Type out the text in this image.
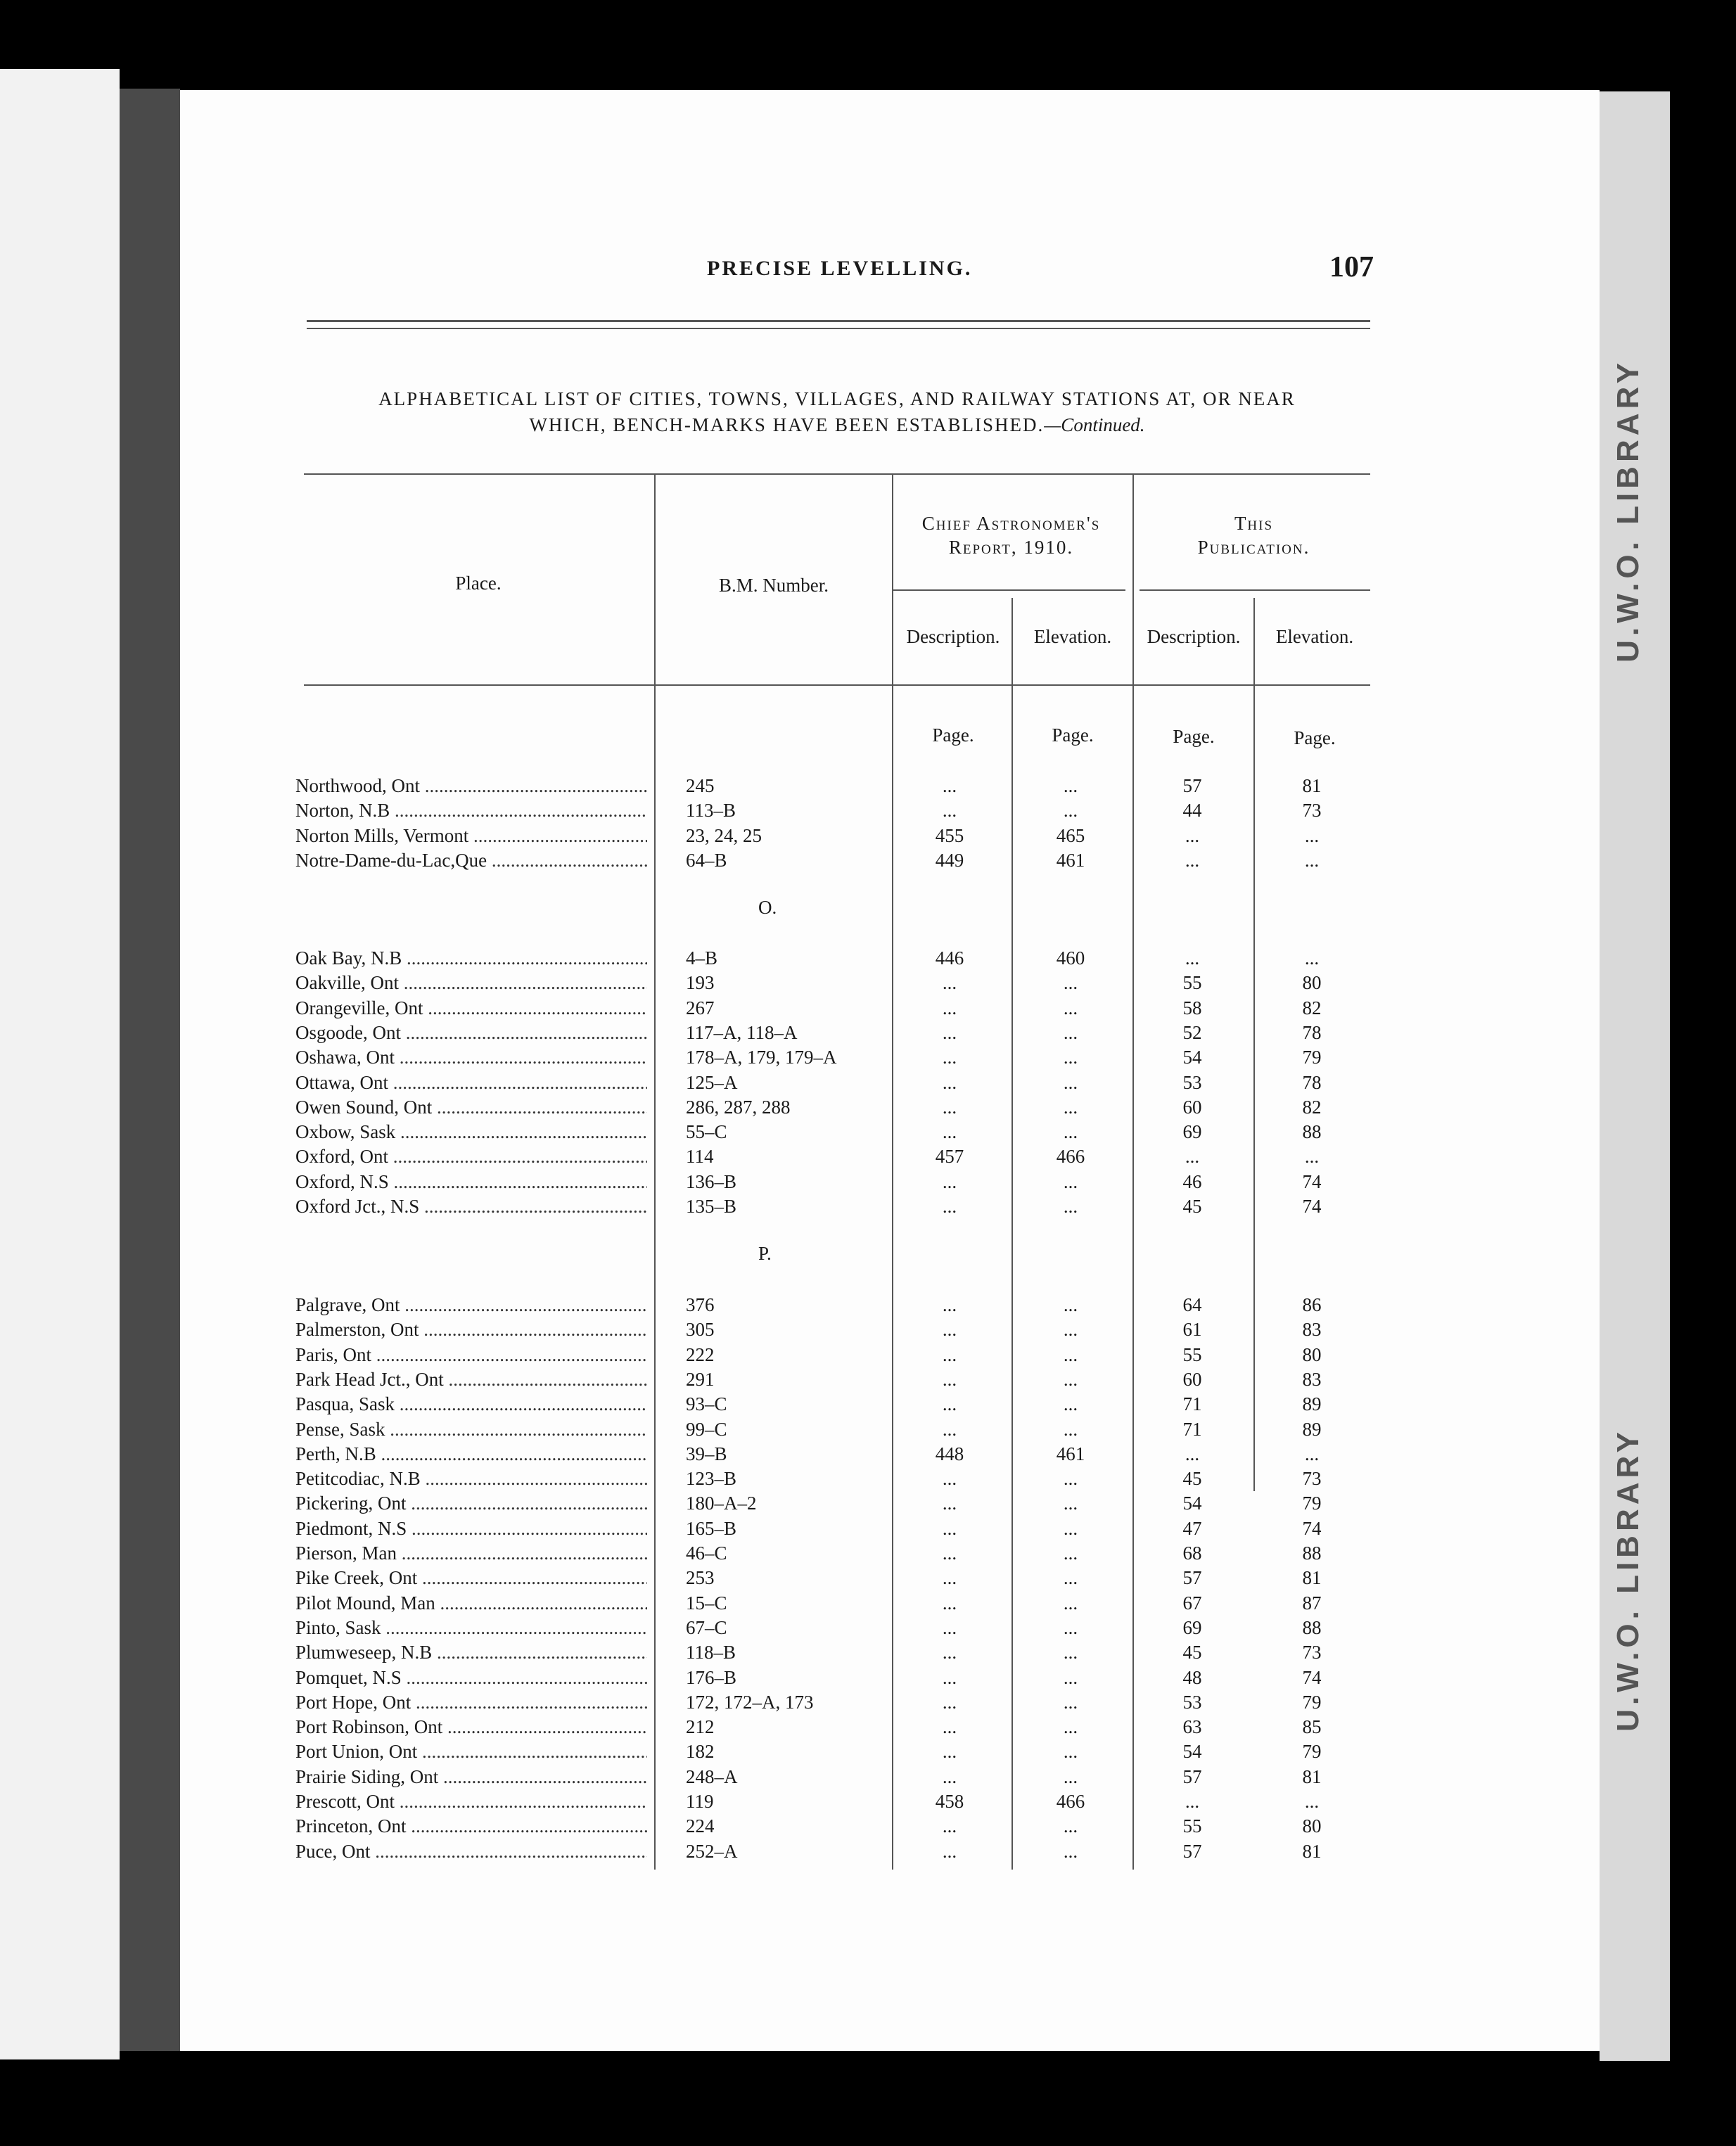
U.W.O. LIBRARY
U.W.O. LIBRARY
PRECISE LEVELLING.	107
ALPHABETICAL LIST OF CITIES, TOWNS, VILLAGES, AND RAILWAY STATIONS AT, OR NEAR
WHICH, BENCH-MARKS HAVE BEEN ESTABLISHED.—Continued.
Place.	B.M. Number.
Chief Astronomer's
Report, 1910.
This
Publication.
Description.	Elevation.	Description.	Elevation.
Page.	Page.	Page.	Page.
O.
P.
Northwood, Ont .....	245	...	...	57	81
Norton, N.B .....	113–B	...	...	44	73
Norton Mills, Vermont .....	23, 24, 25	455	465	...	...
Notre-Dame-du-Lac,Que .....	64–B	449	461	...	...
Oak Bay, N.B .....	4–B	446	460	...	...
Oakville, Ont .....	193	...	...	55	80
Orangeville, Ont .....	267	...	...	58	82
Osgoode, Ont .....	117–A, 118–A	...	...	52	78
Oshawa, Ont .....	178–A, 179, 179–A	...	...	54	79
Ottawa, Ont .....	125–A	...	...	53	78
Owen Sound, Ont .....	286, 287, 288	...	...	60	82
Oxbow, Sask .....	55–C	...	...	69	88
Oxford, Ont .....	114	457	466	...	...
Oxford, N.S .....	136–B	...	...	46	74
Oxford Jct., N.S .....	135–B	...	...	45	74
Palgrave, Ont .....	376	...	...	64	86
Palmerston, Ont .....	305	...	...	61	83
Paris, Ont .....	222	...	...	55	80
Park Head Jct., Ont .....	291	...	...	60	83
Pasqua, Sask .....	93–C	...	...	71	89
Pense, Sask .....	99–C	...	...	71	89
Perth, N.B .....	39–B	448	461	...	...
Petitcodiac, N.B .....	123–B	...	...	45	73
Pickering, Ont .....	180–A–2	...	...	54	79
Piedmont, N.S .....	165–B	...	...	47	74
Pierson, Man .....	46–C	...	...	68	88
Pike Creek, Ont .....	253	...	...	57	81
Pilot Mound, Man .....	15–C	...	...	67	87
Pinto, Sask .....	67–C	...	...	69	88
Plumweseep, N.B .....	118–B	...	...	45	73
Pomquet, N.S .....	176–B	...	...	48	74
Port Hope, Ont .....	172, 172–A, 173	...	...	53	79
Port Robinson, Ont .....	212	...	...	63	85
Port Union, Ont .....	182	...	...	54	79
Prairie Siding, Ont .....	248–A	...	...	57	81
Prescott, Ont .....	119	458	466	...	...
Princeton, Ont .....	224	...	...	55	80
Puce, Ont .....	252–A	...	...	57	81
